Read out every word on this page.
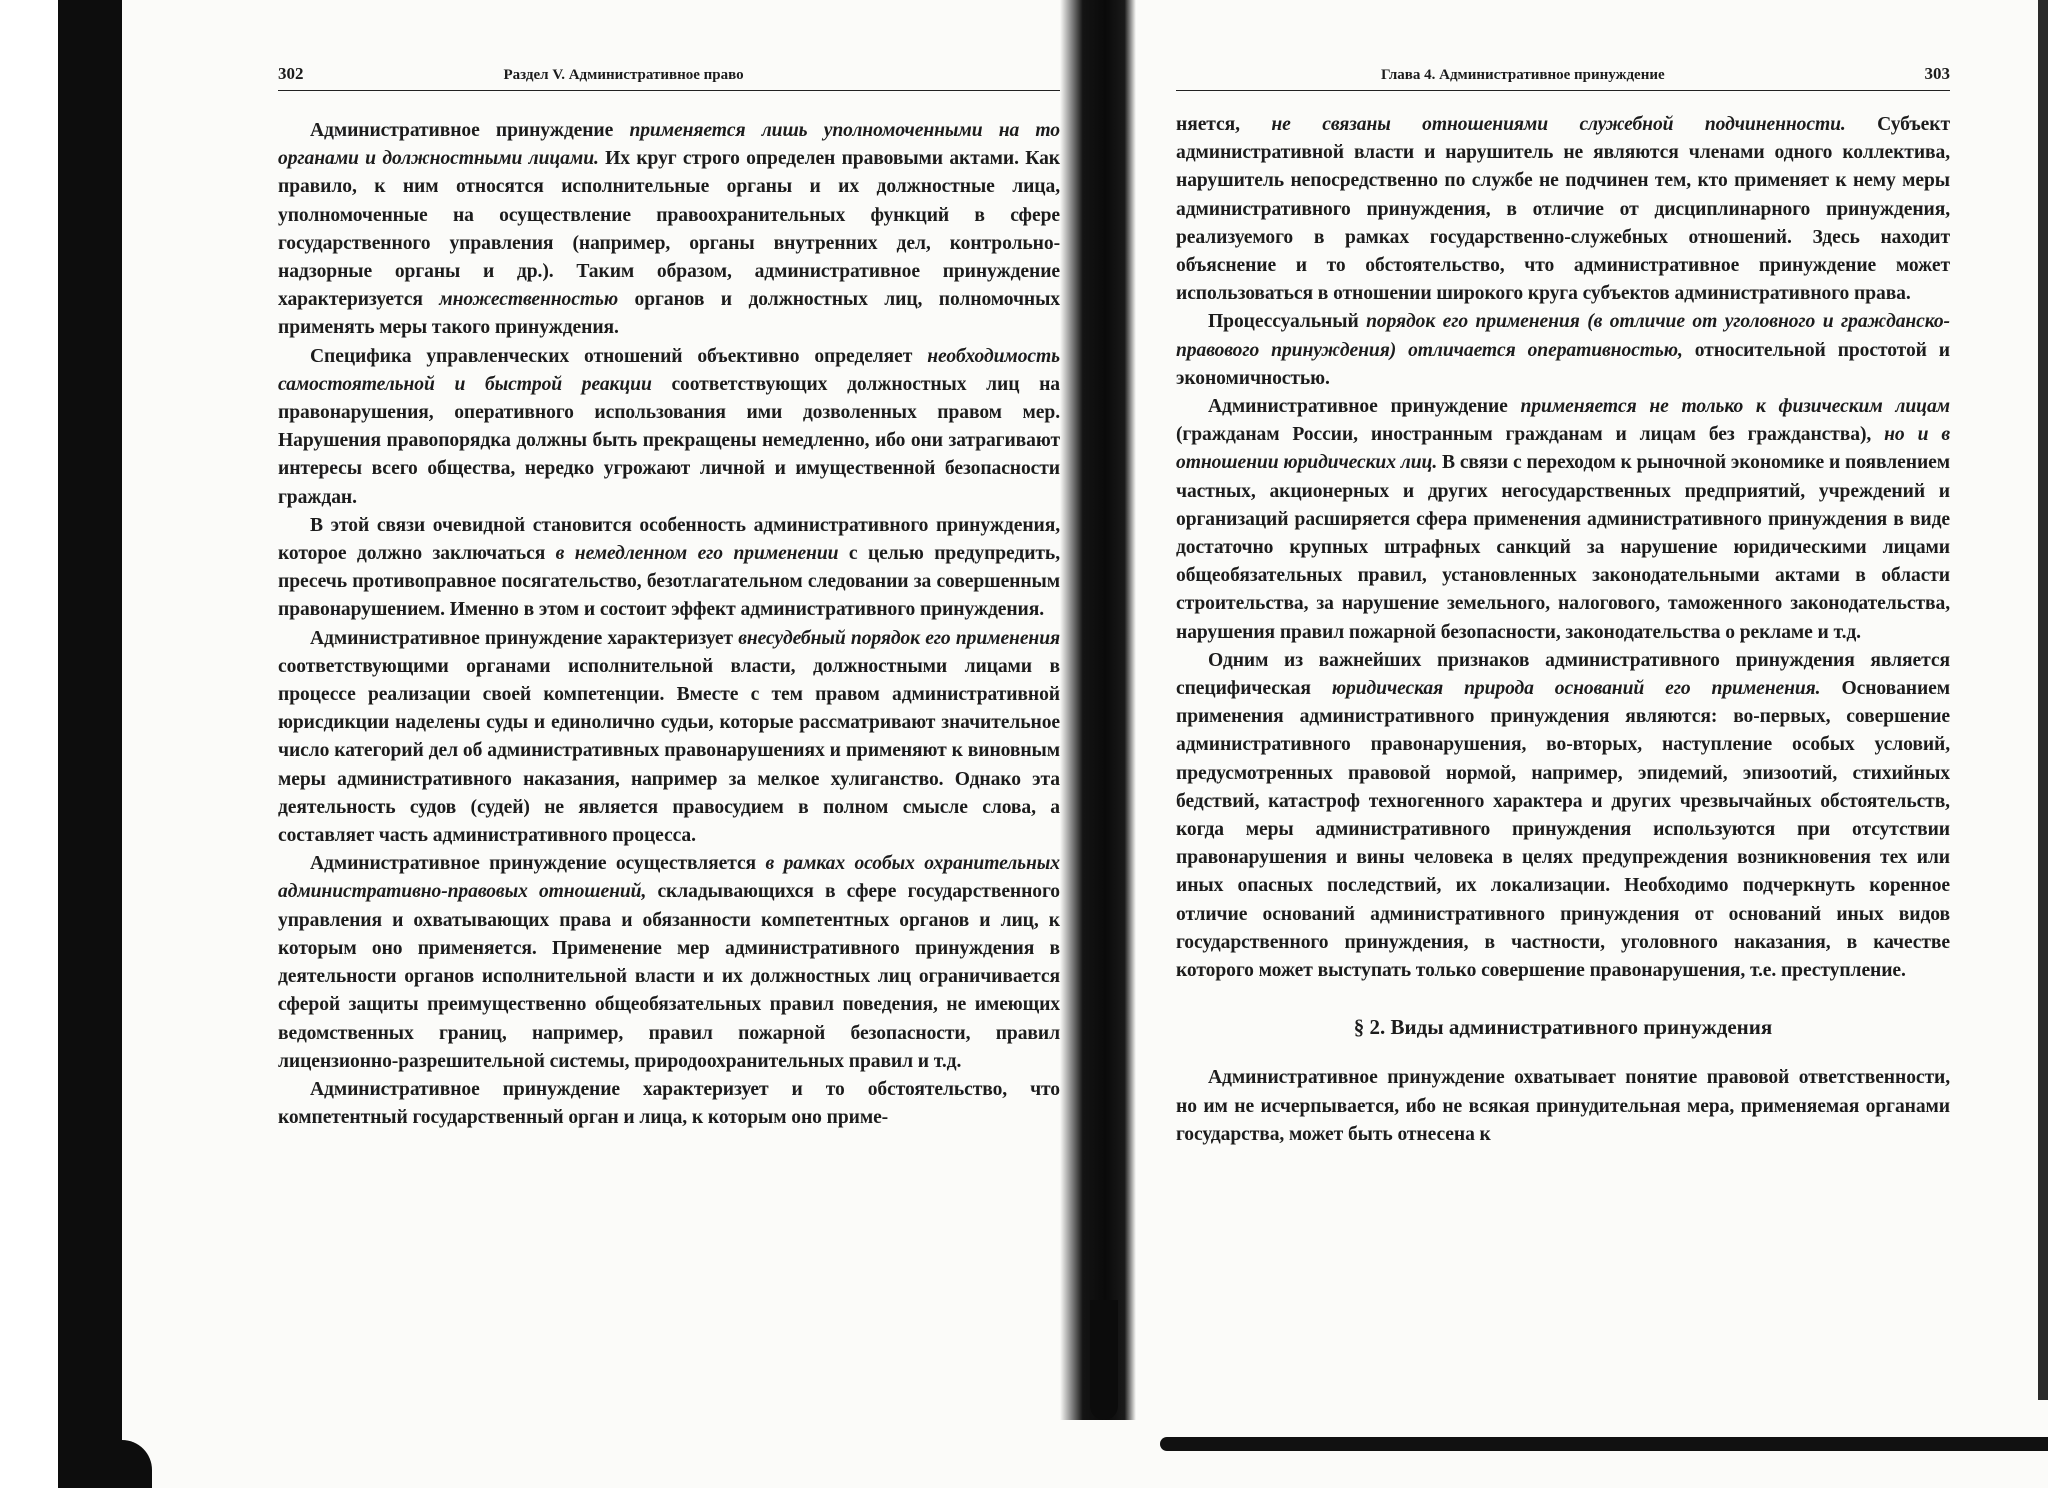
302	Раздел V. Административное право

Административное принуждение применяется лишь уполномоченными на то органами и должностными лицами. Их круг строго определен правовыми актами. Как правило, к ним относятся исполнительные органы и их должностные лица, уполномоченные на осуществление правоохранительных функций в сфере государственного управления (например, органы внутренних дел, контрольно-надзорные органы и др.). Таким образом, административное принуждение характеризуется множественностью органов и должностных лиц, полномочных применять меры такого принуждения.

Специфика управленческих отношений объективно определяет необходимость самостоятельной и быстрой реакции соответствующих должностных лиц на правонарушения, оперативного использования ими дозволенных правом мер. Нарушения правопорядка должны быть прекращены немедленно, ибо они затрагивают интересы всего общества, нередко угрожают личной и имущественной безопасности граждан.

В этой связи очевидной становится особенность административного принуждения, которое должно заключаться в немедленном его применении с целью предупредить, пресечь противоправное посягательство, безотлагательном следовании за совершенным правонарушением. Именно в этом и состоит эффект административного принуждения.

Административное принуждение характеризует внесудебный порядок его применения соответствующими органами исполнительной власти, должностными лицами в процессе реализации своей компетенции. Вместе с тем правом административной юрисдикции наделены суды и единолично судьи, которые рассматривают значительное число категорий дел об административных правонарушениях и применяют к виновным меры административного наказания, например за мелкое хулиганство. Однако эта деятельность судов (судей) не является правосудием в полном смысле слова, а составляет часть административного процесса.

Административное принуждение осуществляется в рамках особых охранительных административно-правовых отношений, складывающихся в сфере государственного управления и охватывающих права и обязанности компетентных органов и лиц, к которым оно применяется. Применение мер административного принуждения в деятельности органов исполнительной власти и их должностных лиц ограничивается сферой защиты преимущественно общеобязательных правил поведения, не имеющих ведомственных границ, например, правил пожарной безопасности, правил лицензионно-разрешительной системы, природоохранительных правил и т.д.

Административное принуждение характеризует и то обстоятельство, что компетентный государственный орган и лица, к которым оно приме-

Глава 4. Административное принуждение	303

няется, не связаны отношениями служебной подчиненности. Субъект административной власти и нарушитель не являются членами одного коллектива, нарушитель непосредственно по службе не подчинен тем, кто применяет к нему меры административного принуждения, в отличие от дисциплинарного принуждения, реализуемого в рамках государственно-служебных отношений. Здесь находит объяснение и то обстоятельство, что административное принуждение может использоваться в отношении широкого круга субъектов административного права.

Процессуальный порядок его применения (в отличие от уголовного и гражданско-правового принуждения) отличается оперативностью, относительной простотой и экономичностью.

Административное принуждение применяется не только к физическим лицам (гражданам России, иностранным гражданам и лицам без гражданства), но и в отношении юридических лиц. В связи с переходом к рыночной экономике и появлением частных, акционерных и других негосударственных предприятий, учреждений и организаций расширяется сфера применения административного принуждения в виде достаточно крупных штрафных санкций за нарушение юридическими лицами общеобязательных правил, установленных законодательными актами в области строительства, за нарушение земельного, налогового, таможенного законодательства, нарушения правил пожарной безопасности, законодательства о рекламе и т.д.

Одним из важнейших признаков административного принуждения является специфическая юридическая природа оснований его применения. Основанием применения административного принуждения являются: во-первых, совершение административного правонарушения, во-вторых, наступление особых условий, предусмотренных правовой нормой, например, эпидемий, эпизоотий, стихийных бедствий, катастроф техногенного характера и других чрезвычайных обстоятельств, когда меры административного принуждения используются при отсутствии правонарушения и вины человека в целях предупреждения возникновения тех или иных опасных последствий, их локализации. Необходимо подчеркнуть коренное отличие оснований административного принуждения от оснований иных видов государственного принуждения, в частности, уголовного наказания, в качестве которого может выступать только совершение правонарушения, т.е. преступление.

§ 2. Виды административного принуждения

Административное принуждение охватывает понятие правовой ответственности, но им не исчерпывается, ибо не всякая принудительная мера, применяемая органами государства, может быть отнесена к
